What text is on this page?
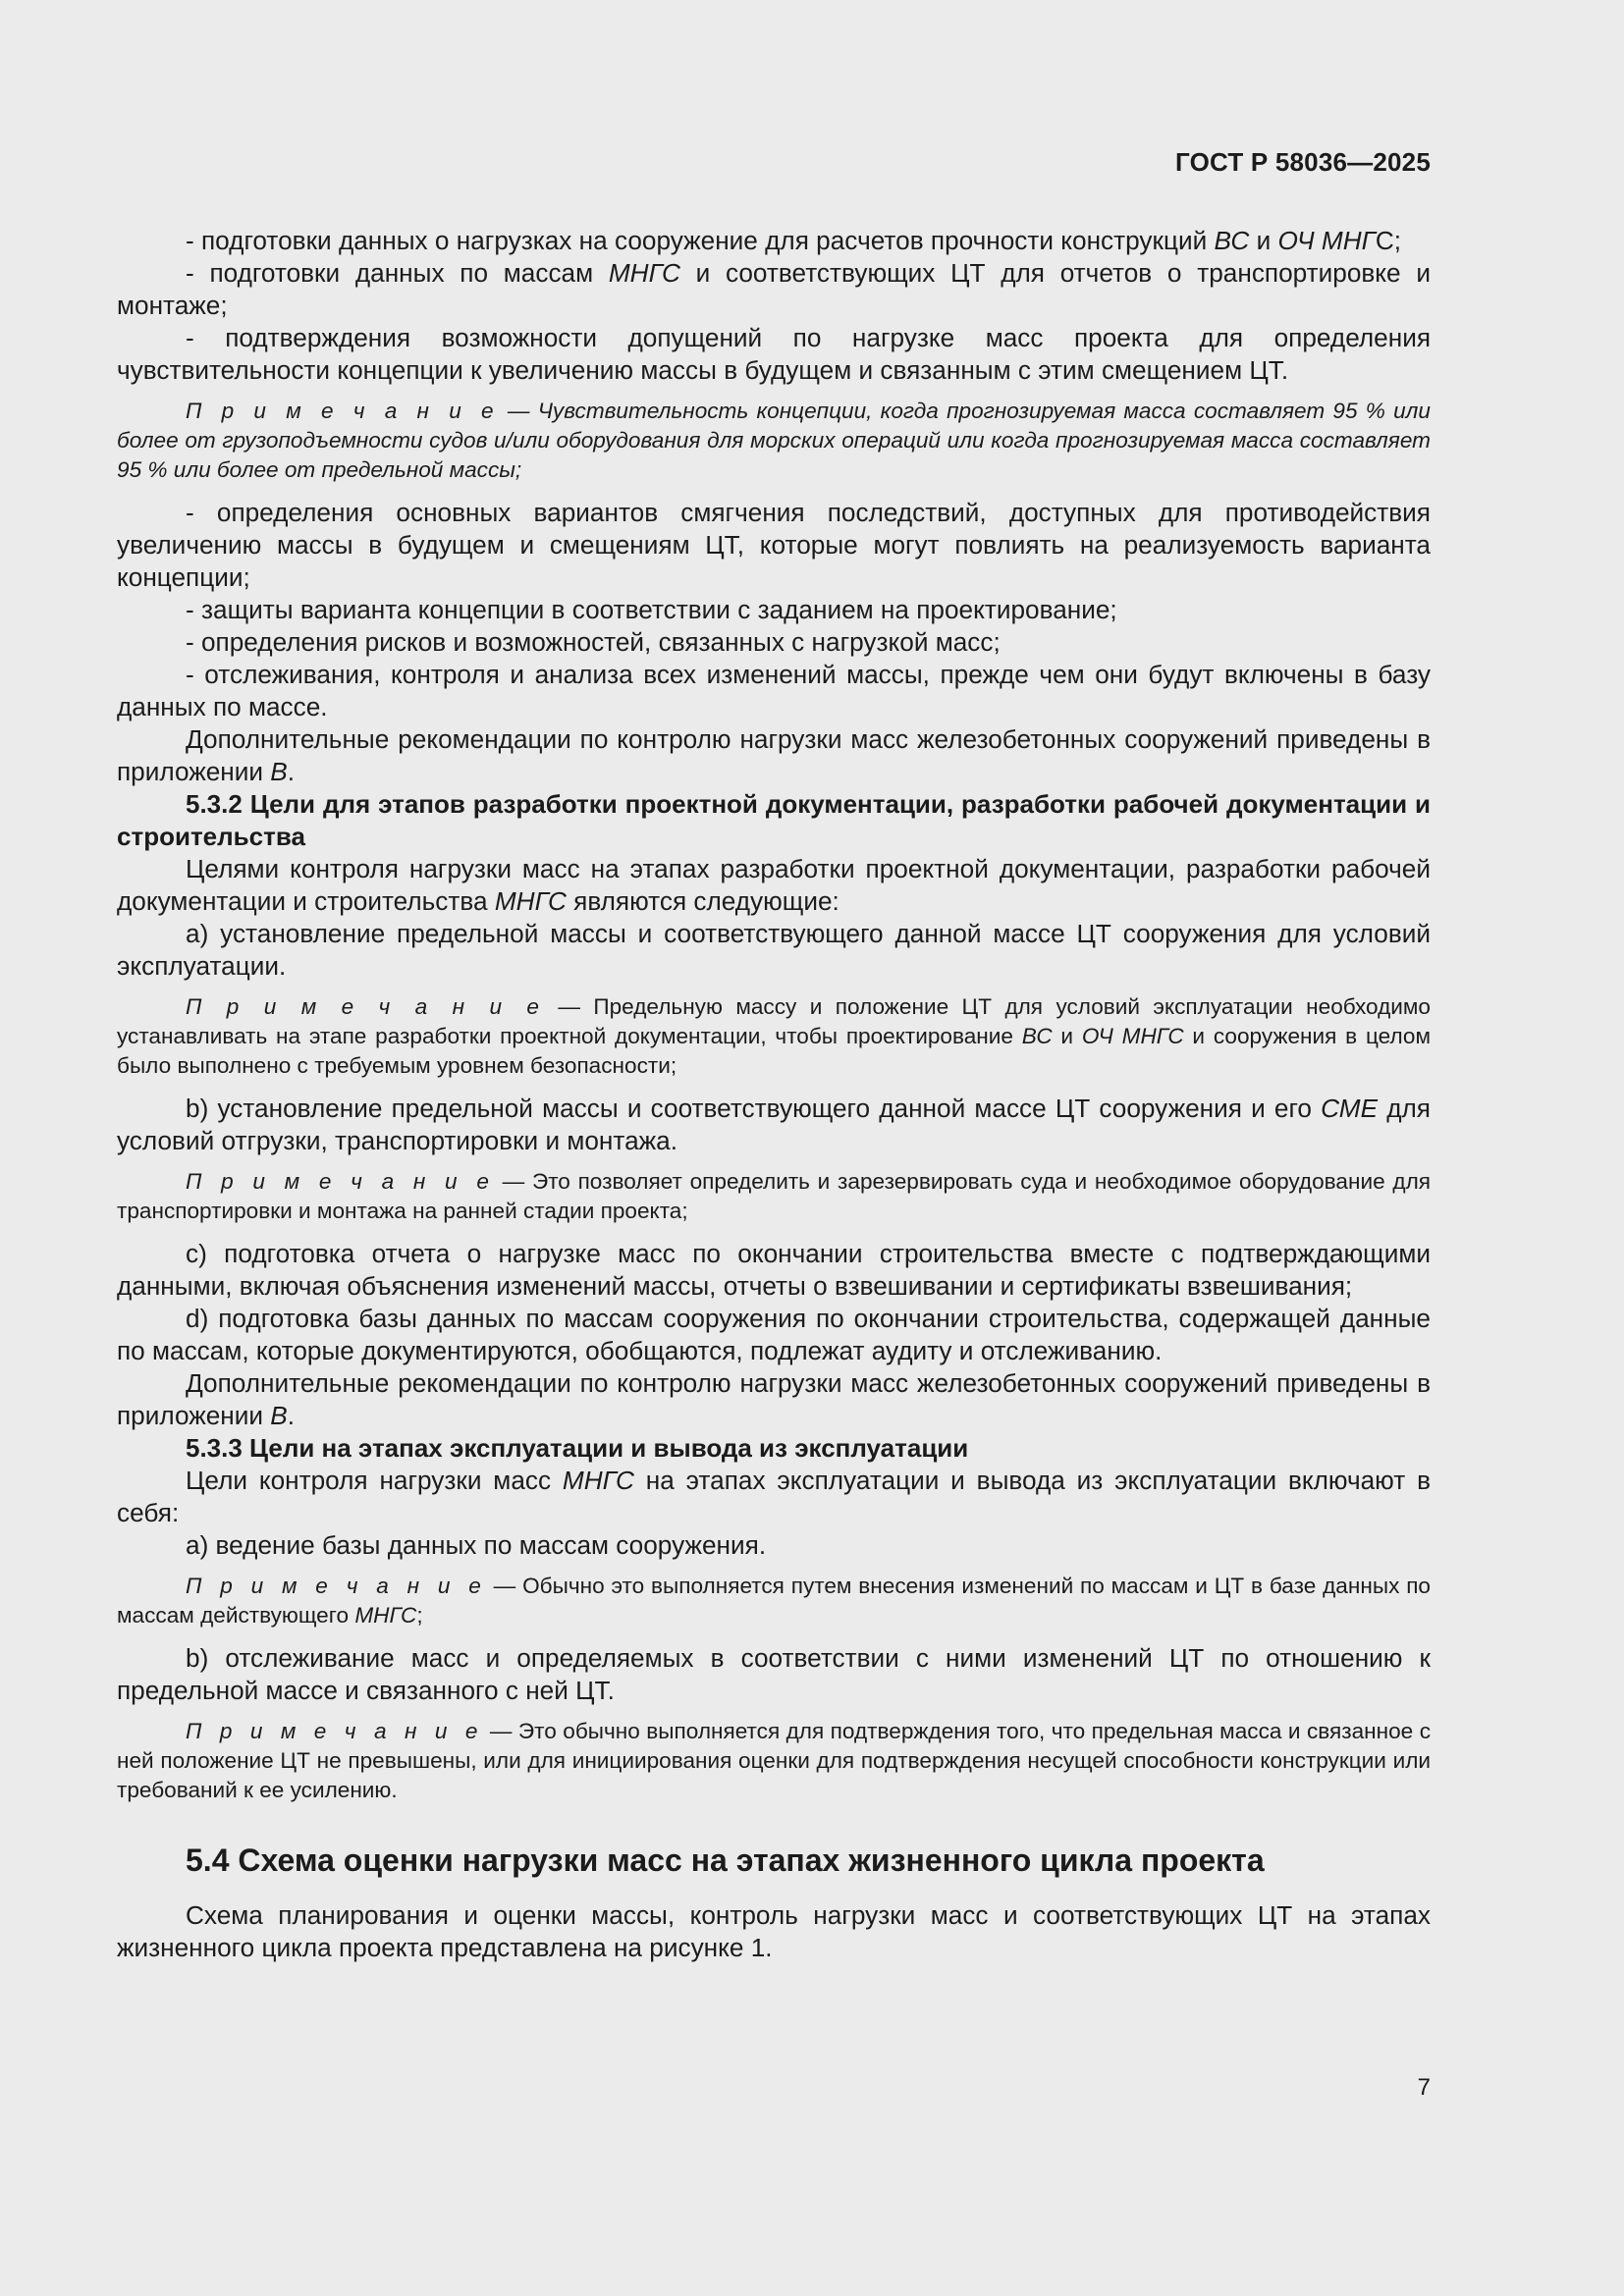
ГОСТ Р 58036—2025

- подготовки данных о нагрузках на сооружение для расчетов прочности конструкций ВС и ОЧ МНГС;

- подготовки данных по массам МНГС и соответствующих ЦТ для отчетов о транспортировке и монтаже;

- подтверждения возможности допущений по нагрузке масс проекта для определения чувствительности концепции к увеличению массы в будущем и связанным с этим смещением ЦТ.

П р и м е ч а н и е — Чувствительность концепции, когда прогнозируемая масса составляет 95 % или более от грузоподъемности судов и/или оборудования для морских операций или когда прогнозируемая масса составляет 95 % или более от предельной массы;

- определения основных вариантов смягчения последствий, доступных для противодействия увеличению массы в будущем и смещениям ЦТ, которые могут повлиять на реализуемость варианта концепции;

- защиты варианта концепции в соответствии с заданием на проектирование;

- определения рисков и возможностей, связанных с нагрузкой масс;

- отслеживания, контроля и анализа всех изменений массы, прежде чем они будут включены в базу данных по массе.

Дополнительные рекомендации по контролю нагрузки масс железобетонных сооружений приведены в приложении В.

5.3.2 Цели для этапов разработки проектной документации, разработки рабочей документации и строительства

Целями контроля нагрузки масс на этапах разработки проектной документации, разработки рабочей документации и строительства МНГС являются следующие:

а) установление предельной массы и соответствующего данной массе ЦТ сооружения для условий эксплуатации.

П р и м е ч а н и е — Предельную массу и положение ЦТ для условий эксплуатации необходимо устанавливать на этапе разработки проектной документации, чтобы проектирование ВС и ОЧ МНГС и сооружения в целом было выполнено с требуемым уровнем безопасности;

b) установление предельной массы и соответствующего данной массе ЦТ сооружения и его СМЕ для условий отгрузки, транспортировки и монтажа.

П р и м е ч а н и е — Это позволяет определить и зарезервировать суда и необходимое оборудование для транспортировки и монтажа на ранней стадии проекта;

с) подготовка отчета о нагрузке масс по окончании строительства вместе с подтверждающими данными, включая объяснения изменений массы, отчеты о взвешивании и сертификаты взвешивания;

d) подготовка базы данных по массам сооружения по окончании строительства, содержащей данные по массам, которые документируются, обобщаются, подлежат аудиту и отслеживанию.

Дополнительные рекомендации по контролю нагрузки масс железобетонных сооружений приведены в приложении В.

5.3.3 Цели на этапах эксплуатации и вывода из эксплуатации

Цели контроля нагрузки масс МНГС на этапах эксплуатации и вывода из эксплуатации включают в себя:

а) ведение базы данных по массам сооружения.

П р и м е ч а н и е — Обычно это выполняется путем внесения изменений по массам и ЦТ в базе данных по массам действующего МНГС;

b) отслеживание масс и определяемых в соответствии с ними изменений ЦТ по отношению к предельной массе и связанного с ней ЦТ.

П р и м е ч а н и е — Это обычно выполняется для подтверждения того, что предельная масса и связанное с ней положение ЦТ не превышены, или для инициирования оценки для подтверждения несущей способности конструкции или требований к ее усилению.

5.4 Схема оценки нагрузки масс на этапах жизненного цикла проекта

Схема планирования и оценки массы, контроль нагрузки масс и соответствующих ЦТ на этапах жизненного цикла проекта представлена на рисунке 1.

7
